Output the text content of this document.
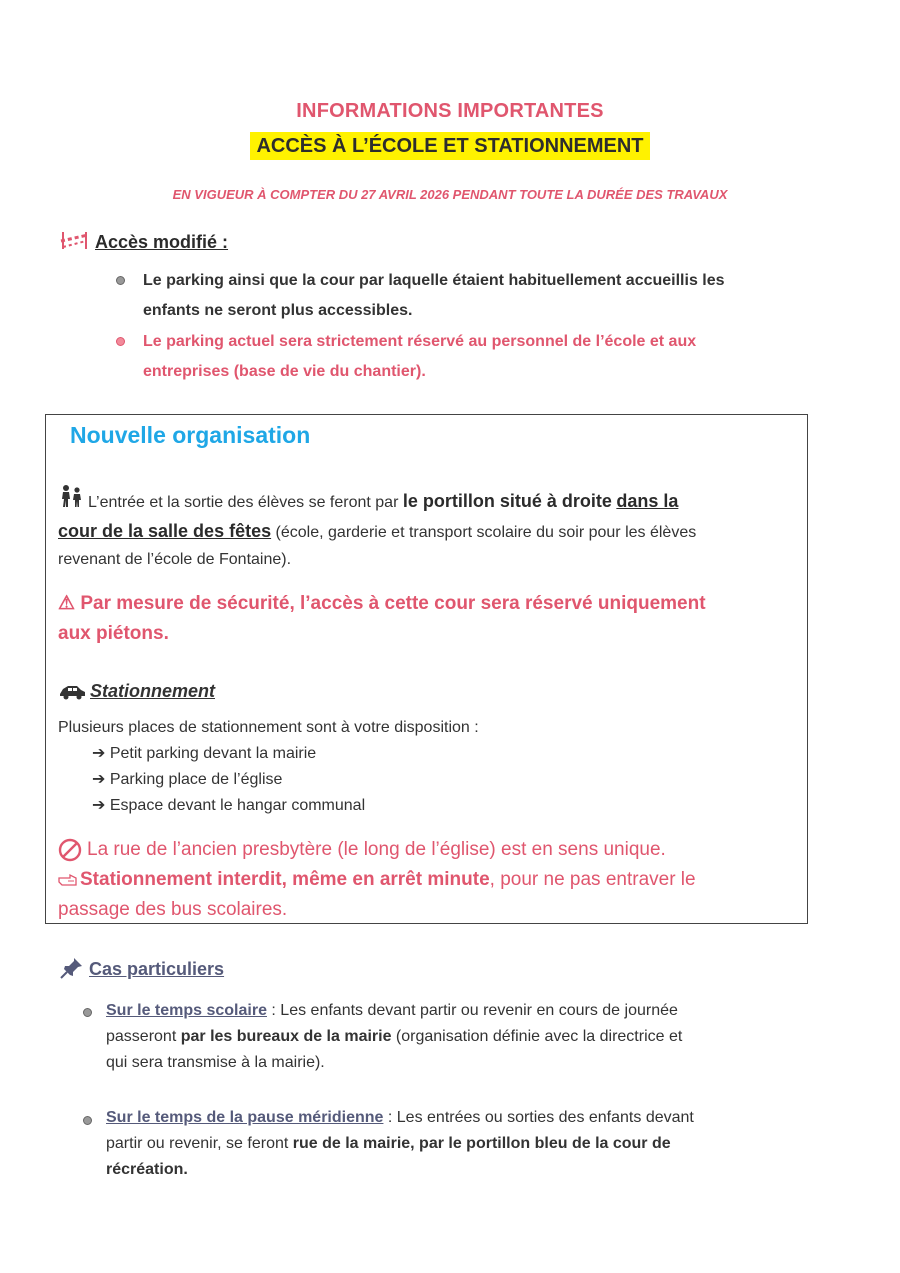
INFORMATIONS IMPORTANTES
ACCÈS À L’ÉCOLE ET STATIONNEMENT
EN VIGUEUR À COMPTER DU 27 AVRIL 2026 PENDANT TOUTE LA DURÉE DES TRAVAUX
Accès modifié :
Le parking ainsi que la cour par laquelle étaient habituellement accueillis les
enfants ne seront plus accessibles.
Le parking actuel sera strictement réservé au personnel de l’école et aux
entreprises (base de vie du chantier).
Nouvelle organisation
L’entrée et la sortie des élèves se feront par le portillon situé à droite dans la
cour de la salle des fêtes (école, garderie et transport scolaire du soir pour les élèves
revenant de l’école de Fontaine).
⚠ Par mesure de sécurité, l’accès à cette cour sera réservé uniquement
aux piétons.
Stationnement
Plusieurs places de stationnement sont à votre disposition :
➔ Petit parking devant la mairie
➔ Parking place de l’église
➔ Espace devant le hangar communal
La rue de l’ancien presbytère (le long de l’église) est en sens unique.
Stationnement interdit, même en arrêt minute, pour ne pas entraver le
passage des bus scolaires.
Cas particuliers
Sur le temps scolaire : Les enfants devant partir ou revenir en cours de journée
passeront par les bureaux de la mairie (organisation définie avec la directrice et
qui sera transmise à la mairie).
Sur le temps de la pause méridienne : Les entrées ou sorties des enfants devant
partir ou revenir, se feront rue de la mairie, par le portillon bleu de la cour de
récréation.
